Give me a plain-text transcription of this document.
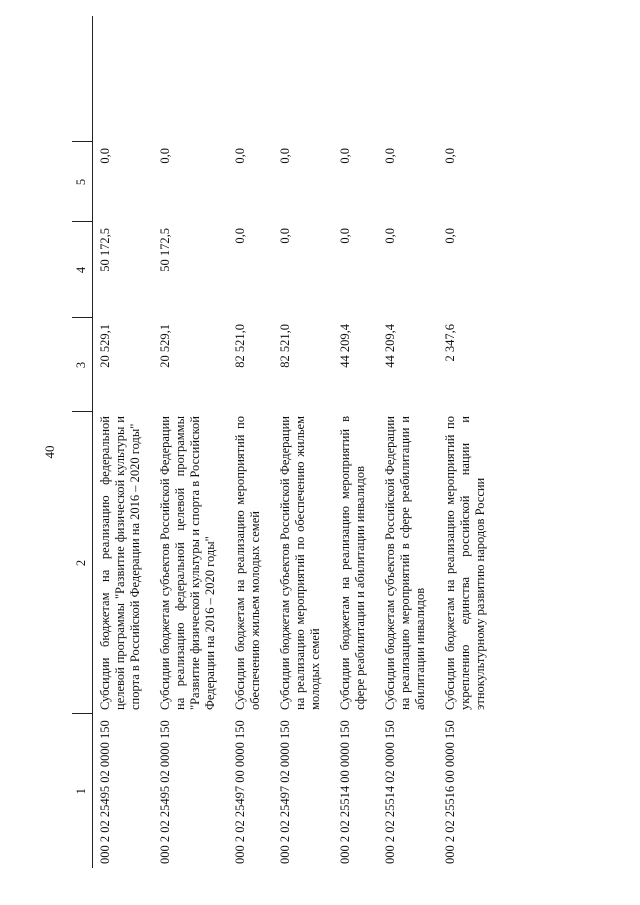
40
1	2	3	4	5	
000 2 02 25495 02 0000 150	Субсидии бюджетам на реализацию федеральной целевой программы "Развитие физической культуры и спорта в Российской Федерации на 2016 – 2020 годы"	20 529,1	50 172,5	0,0	
000 2 02 25495 02 0000 150	Субсидии бюджетам субъектов Российской Федерации на реализацию федеральной целевой программы "Развитие физической культуры и спорта в Российской Федерации на 2016 – 2020 годы"	20 529,1	50 172,5	0,0	
000 2 02 25497 00 0000 150	Субсидии бюджетам на реализацию мероприятий по обеспечению жильем молодых семей	82 521,0	0,0	0,0	
000 2 02 25497 02 0000 150	Субсидии бюджетам субъектов Российской Федерации на реализацию мероприятий по обеспечению жильем молодых семей	82 521,0	0,0	0,0	
000 2 02 25514 00 0000 150	Субсидии бюджетам на реализацию мероприятий в сфере реабилитации и абилитации инвалидов	44 209,4	0,0	0,0	
000 2 02 25514 02 0000 150	Субсидии бюджетам субъектов Российской Федерации на реализацию мероприятий в сфере реабилитации и абилитации инвалидов	44 209,4	0,0	0,0	
000 2 02 25516 00 0000 150	Субсидии бюджетам на реализацию мероприятий по укреплению единства российской нации и этнокультурному развитию народов России	2 347,6	0,0	0,0	
